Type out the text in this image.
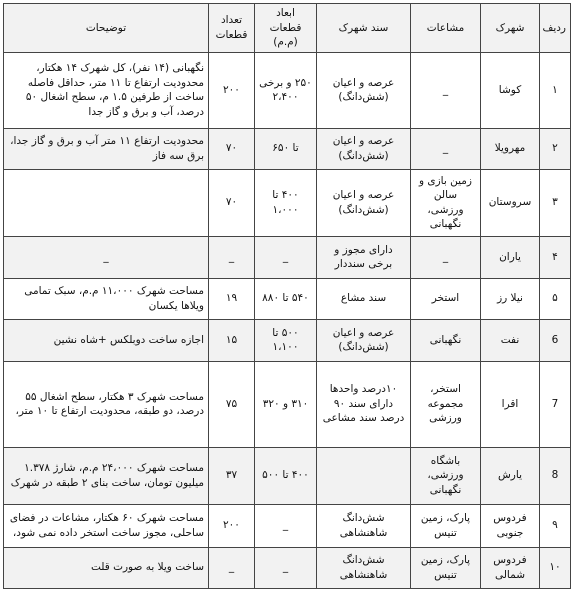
ردیف	شهرک	مشاعات	سند شهرک	ابعاد قطعات (م.م)	تعداد قطعات	توضیحات
۱	کوشا	_	عرصه و اعیان (شش‌دانگ)	۲۵۰ و برخی ۲،۴۰۰	۲۰۰	نگهبانی (۱۴ نفر)، کل شهرک ۱۴ هکتار، محدودیت ارتفاع تا ۱۱ متر، حداقل فاصله ساخت از طرفین ۱.۵ م، سطح اشغال ۵۰ درصد، آب و برق و گاز جدا
۲	مهرویلا	_	عرصه و اعیان (شش‌دانگ)	تا ۶۵۰	۷۰	محدودیت ارتفاع ۱۱ متر آب و برق و گاز جدا، برق سه فاز
۳	سروستان	زمین بازی و سالن ورزشی، نگهبانی	عرصه و اعیان (شش‌دانگ)	۴۰۰ تا ۱،۰۰۰	۷۰	
۴	یاران	_	دارای مجوز و برخی سنددار	_	_	_
۵	نیلا رز	استخر	سند مشاع	۵۴۰ تا ۸۸۰	۱۹	مساحت شهرک ۱۱،۰۰۰ م.م، سبک تمامی ویلاها یکسان
6	نفت	نگهبانی	عرصه و اعیان (شش‌دانگ)	۵۰۰ تا ۱،۱۰۰	۱۵	اجازه ساخت دوبلکس +شاه نشین
7	اقرا	استخر، مجموعه ورزشی	۱۰درصد واحدها دارای سند ۹۰ درصد سند مشاعی	۳۱۰ و ۳۲۰	۷۵	مساحت شهرک ۳ هکتار، سطح اشغال ۵۵ درصد، دو طبقه، محدودیت ارتفاع تا ۱۰ متر،
8	یارش	باشگاه ورزشی، نگهبانی		۴۰۰ تا ۵۰۰	۳۷	مساحت شهرک ۲۴،۰۰۰ م.م، شارژ ۱.۳۷۸ میلیون تومان، ساخت بنای ۲ طبقه در شهرک
۹	فردوس جنوبی	پارک، زمین تنیس	شش‌دانگ شاهنشاهی	_	۲۰۰	مساحت شهرک ۶۰ هکتار، مشاعات در فضای ساحلی، مجوز ساخت استخر داده نمی شود،
۱۰	فردوس شمالی	پارک، زمین تنیس	شش‌دانگ شاهنشاهی	_	_	ساخت ویلا به صورت قلت
